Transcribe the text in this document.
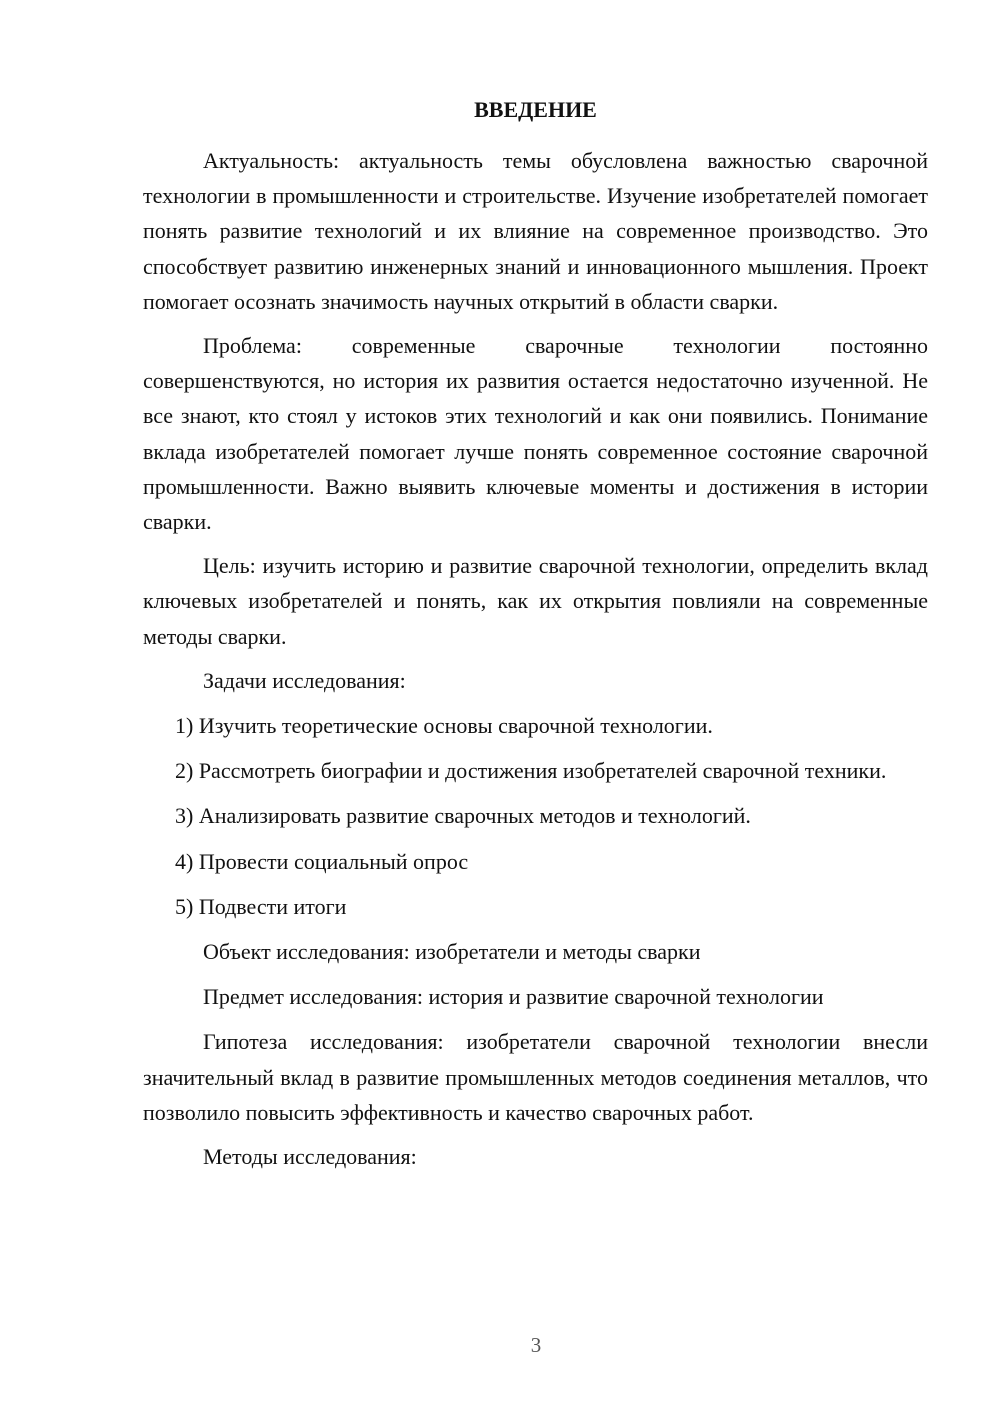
ВВЕДЕНИЕ

Актуальность: актуальность темы обусловлена важностью сварочной технологии в промышленности и строительстве. Изучение изобретателей помогает понять развитие технологий и их влияние на современное производство. Это способствует развитию инженерных знаний и инновационного мышления. Проект помогает осознать значимость научных открытий в области сварки.

Проблема: современные сварочные технологии постоянно совершенствуются, но история их развития остается недостаточно изученной. Не все знают, кто стоял у истоков этих технологий и как они появились. Понимание вклада изобретателей помогает лучше понять современное состояние сварочной промышленности. Важно выявить ключевые моменты и достижения в истории сварки.

Цель: изучить историю и развитие сварочной технологии, определить вклад ключевых изобретателей и понять, как их открытия повлияли на современные методы сварки.

Задачи исследования:

1) Изучить теоретические основы сварочной технологии.

2) Рассмотреть биографии и достижения изобретателей сварочной техники.

3) Анализировать развитие сварочных методов и технологий.

4) Провести социальный опрос

5) Подвести итоги

Объект исследования: изобретатели и методы сварки

Предмет исследования: история и развитие сварочной технологии

Гипотеза исследования: изобретатели сварочной технологии внесли значительный вклад в развитие промышленных методов соединения металлов, что позволило повысить эффективность и качество сварочных работ.

Методы исследования:

3
